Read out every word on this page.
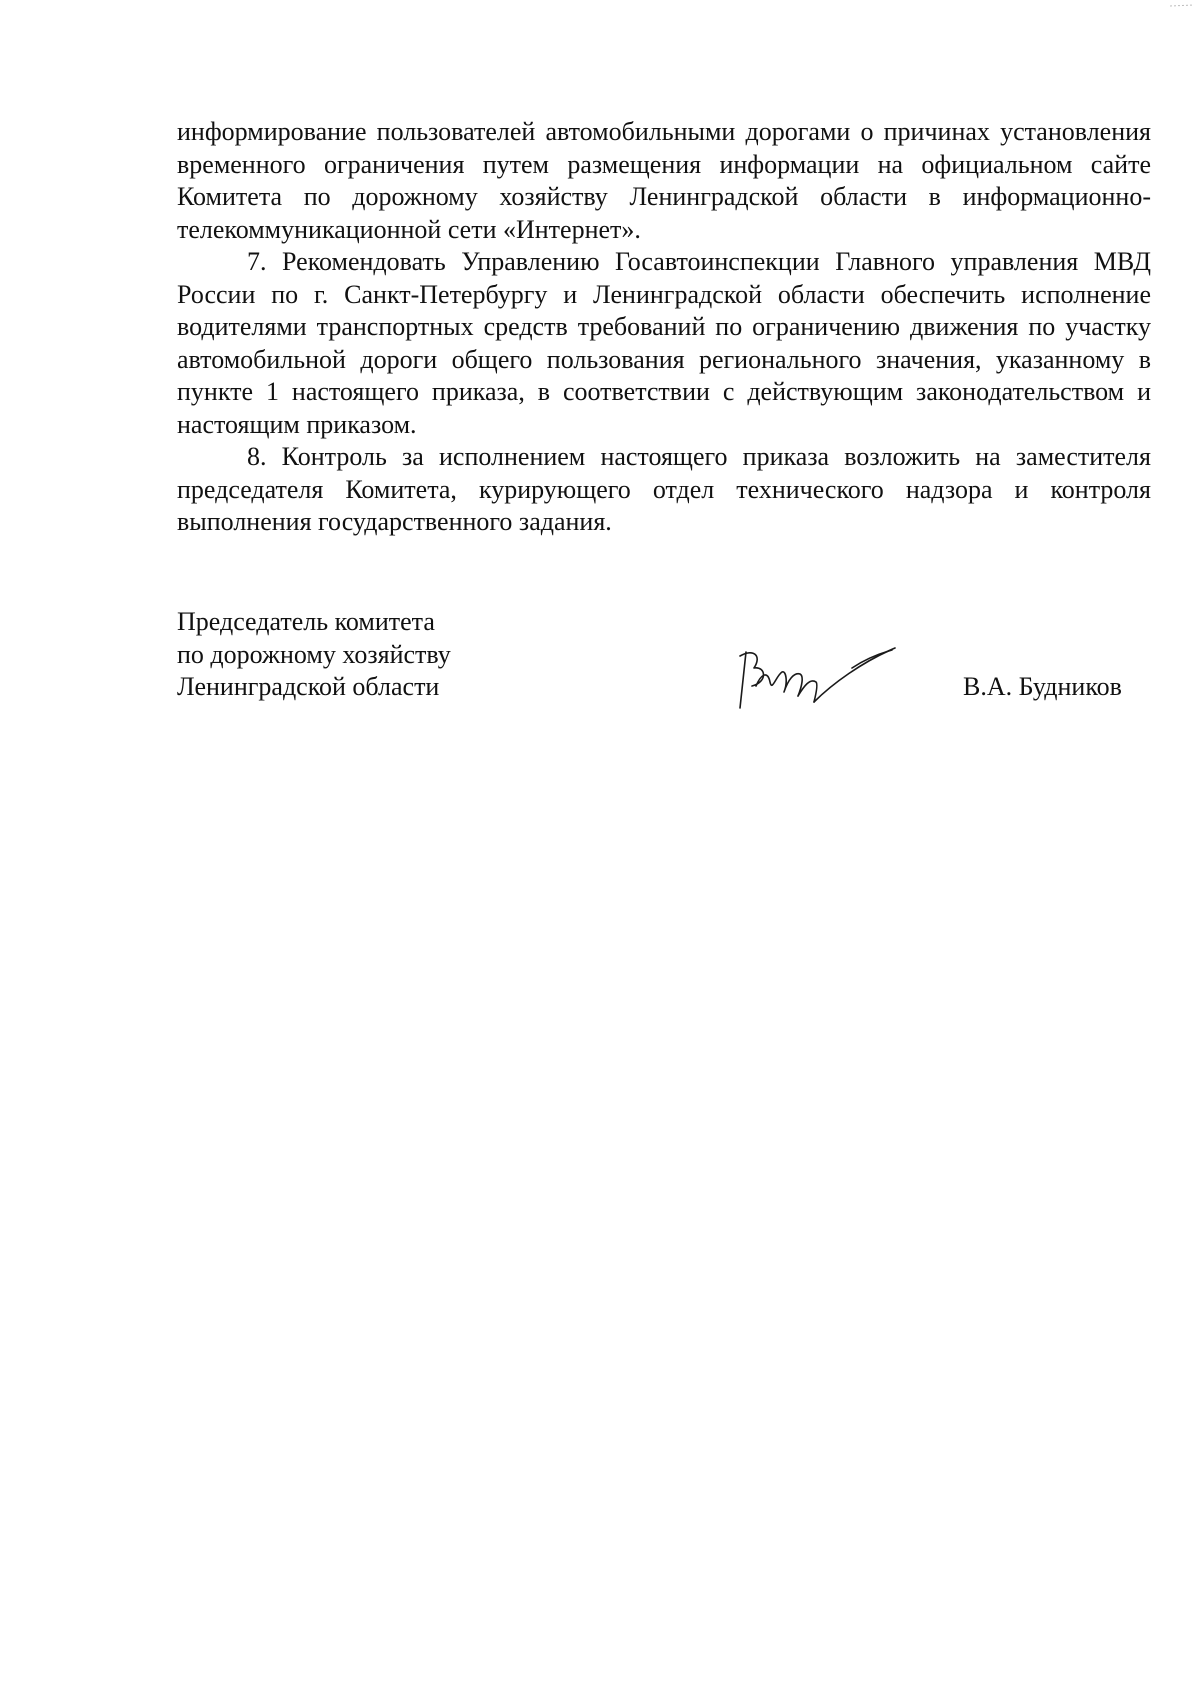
информирование пользователей автомобильными дорогами о причинах установления временного ограничения путем размещения информации на официальном сайте Комитета по дорожному хозяйству Ленинградской области в информационно-телекоммуникационной сети «Интернет».

7. Рекомендовать Управлению Госавтоинспекции Главного управления МВД России по г. Санкт-Петербургу и Ленинградской области обеспечить исполнение водителями транспортных средств требований по ограничению движения по участку автомобильной дороги общего пользования регионального значения, указанному в пункте 1 настоящего приказа, в соответствии с действующим законодательством и настоящим приказом.

8. Контроль за исполнением настоящего приказа возложить на заместителя председателя Комитета, курирующего отдел технического надзора и контроля выполнения государственного задания.

Председатель комитета
по дорожному хозяйству
Ленинградской области	В.А. Будников
